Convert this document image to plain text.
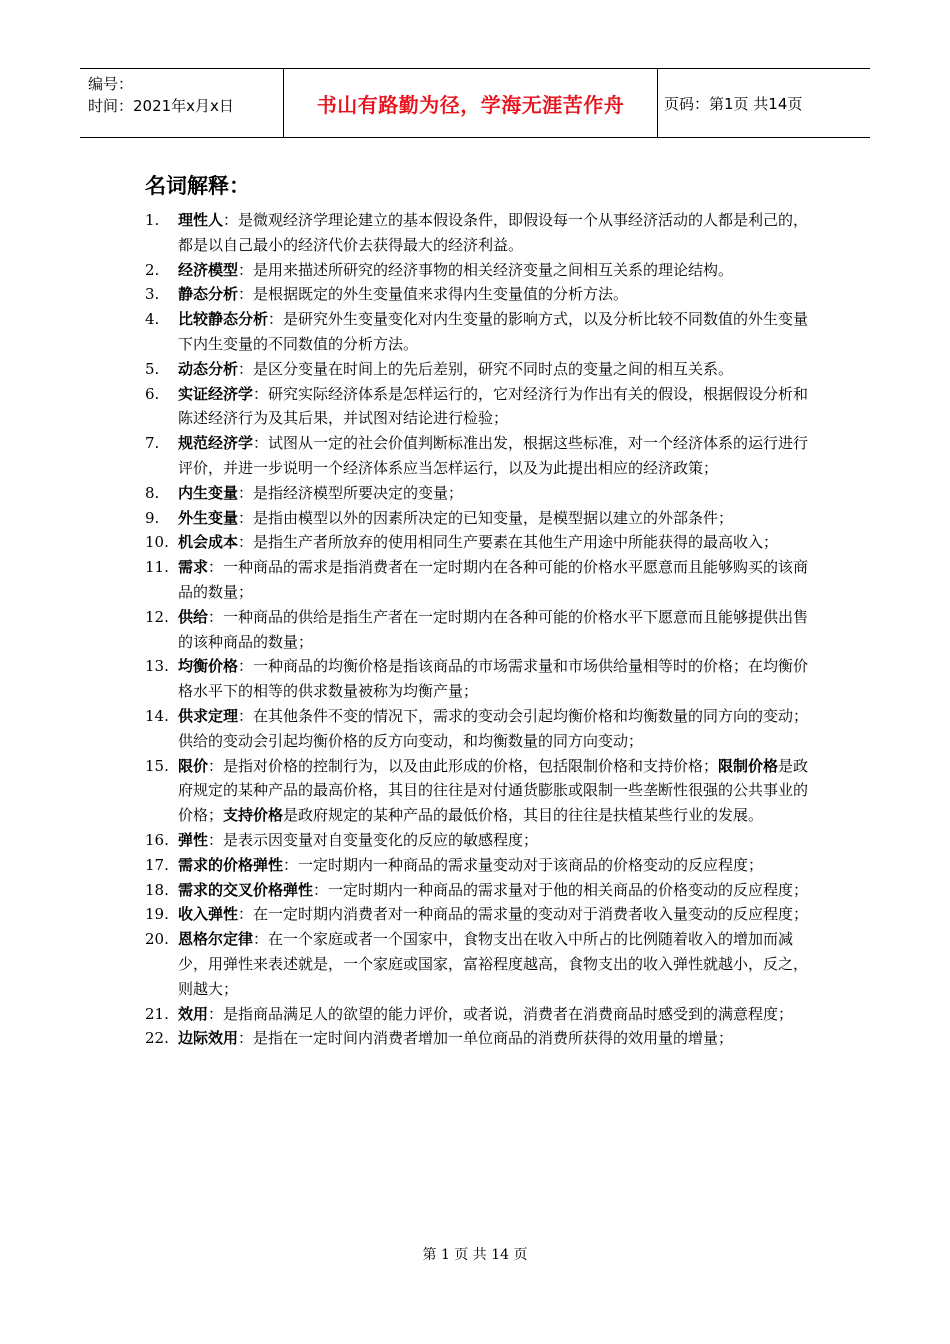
编号：
时间：2021年x月x日	书山有路勤为径，学海无涯苦作舟	页码：第1页 共14页
名词解释：
1. 理性人：是微观经济学理论建立的基本假设条件，即假设每一个从事经济活动的人都是利己的，都是以自己最小的经济代价去获得最大的经济利益。
2. 经济模型：是用来描述所研究的经济事物的相关经济变量之间相互关系的理论结构。
3. 静态分析：是根据既定的外生变量值来求得内生变量值的分析方法。
4. 比较静态分析：是研究外生变量变化对内生变量的影响方式，以及分析比较不同数值的外生变量下内生变量的不同数值的分析方法。
5. 动态分析：是区分变量在时间上的先后差别，研究不同时点的变量之间的相互关系。
6. 实证经济学：研究实际经济体系是怎样运行的，它对经济行为作出有关的假设，根据假设分析和陈述经济行为及其后果，并试图对结论进行检验；
7. 规范经济学：试图从一定的社会价值判断标准出发，根据这些标准，对一个经济体系的运行进行评价，并进一步说明一个经济体系应当怎样运行，以及为此提出相应的经济政策；
8. 内生变量：是指经济模型所要决定的变量；
9. 外生变量：是指由模型以外的因素所决定的已知变量，是模型据以建立的外部条件；
10. 机会成本：是指生产者所放弃的使用相同生产要素在其他生产用途中所能获得的最高收入；
11. 需求：一种商品的需求是指消费者在一定时期内在各种可能的价格水平愿意而且能够购买的该商品的数量；
12. 供给：一种商品的供给是指生产者在一定时期内在各种可能的价格水平下愿意而且能够提供出售的该种商品的数量；
13. 均衡价格：一种商品的均衡价格是指该商品的市场需求量和市场供给量相等时的价格；在均衡价格水平下的相等的供求数量被称为均衡产量；
14. 供求定理：在其他条件不变的情况下，需求的变动会引起均衡价格和均衡数量的同方向的变动；供给的变动会引起均衡价格的反方向变动，和均衡数量的同方向变动；
15. 限价：是指对价格的控制行为，以及由此形成的价格，包括限制价格和支持价格；限制价格是政府规定的某种产品的最高价格，其目的往往是对付通货膨胀或限制一些垄断性很强的公共事业的价格；支持价格是政府规定的某种产品的最低价格，其目的往往是扶植某些行业的发展。
16. 弹性：是表示因变量对自变量变化的反应的敏感程度；
17. 需求的价格弹性：一定时期内一种商品的需求量变动对于该商品的价格变动的反应程度；
18. 需求的交叉价格弹性：一定时期内一种商品的需求量对于他的相关商品的价格变动的反应程度；
19. 收入弹性：在一定时期内消费者对一种商品的需求量的变动对于消费者收入量变动的反应程度；
20. 恩格尔定律：在一个家庭或者一个国家中，食物支出在收入中所占的比例随着收入的增加而减少，用弹性来表述就是，一个家庭或国家，富裕程度越高，食物支出的收入弹性就越小，反之，则越大；
21. 效用：是指商品满足人的欲望的能力评价，或者说，消费者在消费商品时感受到的满意程度；
22. 边际效用：是指在一定时间内消费者增加一单位商品的消费所获得的效用量的增量；
第 1 页 共 14 页
